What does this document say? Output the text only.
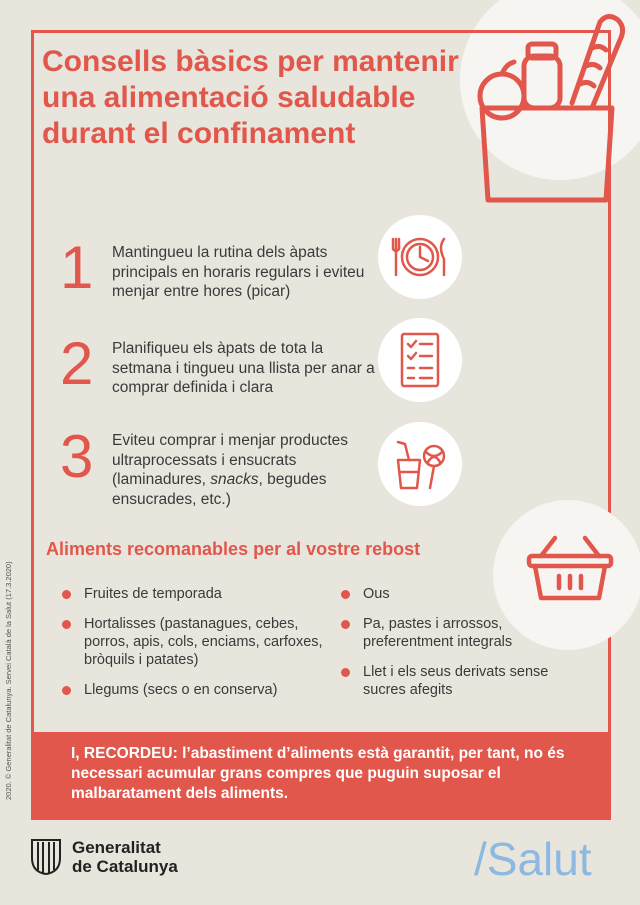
Consells bàsics per mantenir una alimentació saludable durant el confinament
1	Mantingueu la rutina dels àpats principals en horaris regulars i eviteu menjar entre hores (picar)
2	Planifiqueu els àpats de tota la setmana i tingueu una llista per anar a comprar definida i clara
3	Eviteu comprar i menjar productes ultraprocessats i ensucrats (laminadures, snacks, begudes ensucrades, etc.)
Aliments recomanables per al vostre rebost
Fruites de temporada
Hortalisses (pastanagues, cebes, porros, apis, cols, enciams, carfoxes, bròquils i patates)
Llegums (secs o en conserva)
Ous
Pa, pastes i arrossos, preferentment integrals
Llet i els seus derivats sense sucres afegits
I, RECORDEU: l’abastiment d’aliments està garantit, per tant, no és necessari acumular grans compres que puguin suposar el malbaratament dels aliments.
2020. © Generalitat de Catalunya. Servei Català de la Salut (17.3.2020)
Generalitat
de Catalunya	/Salut
